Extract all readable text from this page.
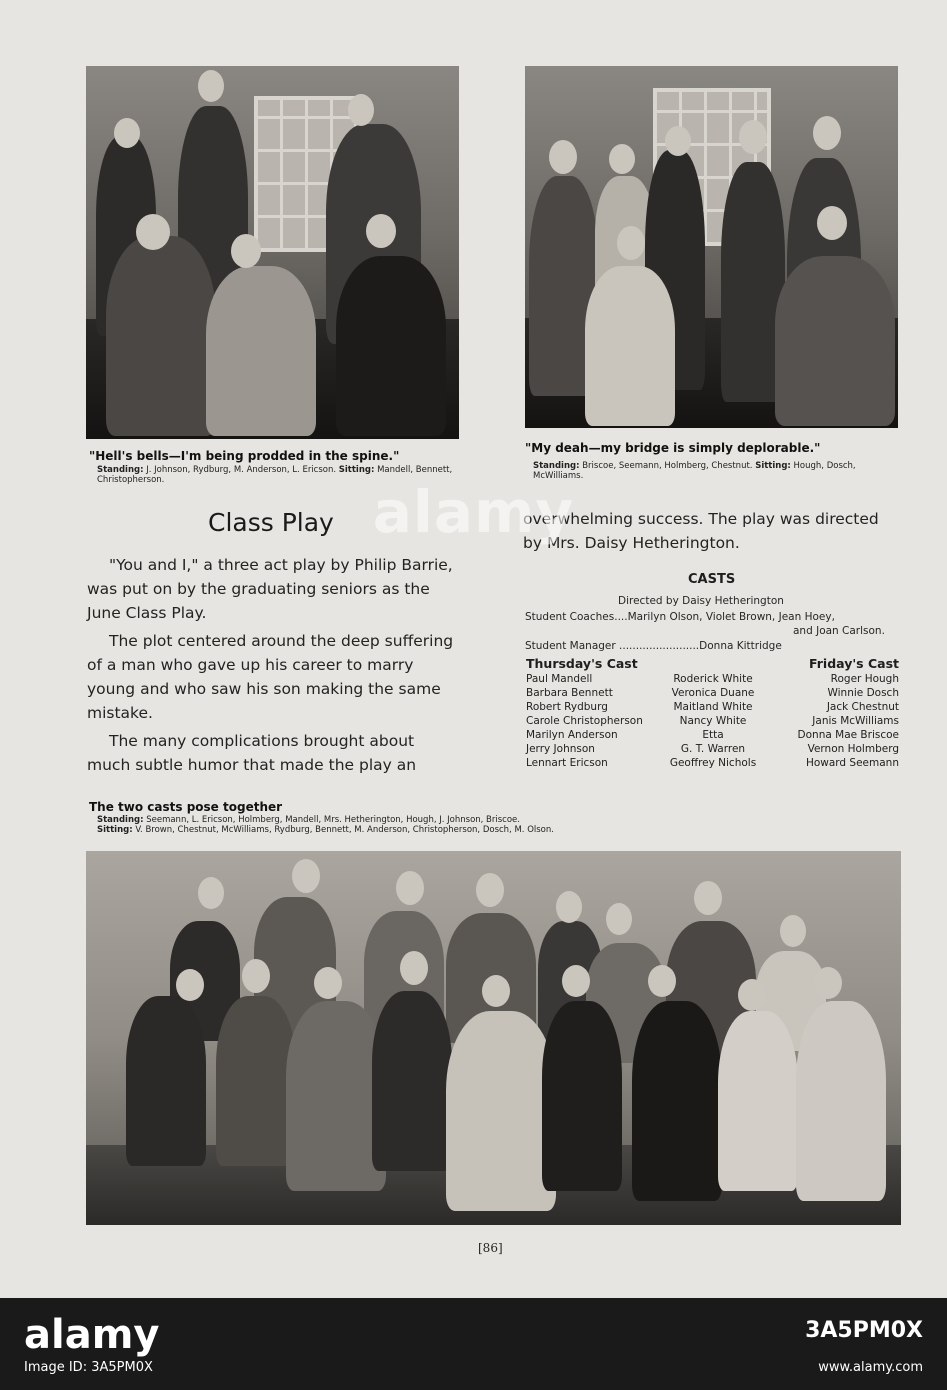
"Hell's bells—I'm being prodded in the spine."
Standing: J. Johnson, Rydburg, M. Anderson, L. Ericson. Sitting: Mandell, Bennett, Christopherson.
"My deah—my bridge is simply deplorable."
Standing: Briscoe, Seemann, Holmberg, Chestnut. Sitting: Hough, Dosch, McWilliams.
Class Play

"You and I," a three act play by Philip Barrie, was put on by the graduating seniors as the June Class Play.

The plot centered around the deep suffering of a man who gave up his career to marry young and who saw his son making the same mistake.

The many complications brought about much subtle humor that made the play an

overwhelming success. The play was directed by Mrs. Daisy Hetherington.
CASTS
Directed by Daisy Hetherington
Student Coaches....Marilyn Olson, Violet Brown, Jean Hoey,
and Joan Carlson.
Student Manager ........................Donna Kittridge
Thursday's Cast
Paul Mandell
Barbara Bennett
Robert Rydburg
Carole Christopherson
Marilyn Anderson
Jerry Johnson
Lennart Ericson
Roderick White
Veronica Duane
Maitland White
Nancy White
Etta
G. T. Warren
Geoffrey Nichols
Friday's Cast
Roger Hough
Winnie Dosch
Jack Chestnut
Janis McWilliams
Donna Mae Briscoe
Vernon Holmberg
Howard Seemann
The two casts pose together
Standing: Seemann, L. Ericson, Holmberg, Mandell, Mrs. Hetherington, Hough, J. Johnson, Briscoe.
Sitting: V. Brown, Chestnut, McWilliams, Rydburg, Bennett, M. Anderson, Christopherson, Dosch, M. Olson.
[86]
alamy
alamy
Image ID: 3A5PM0X
3A5PM0X
www.alamy.com
